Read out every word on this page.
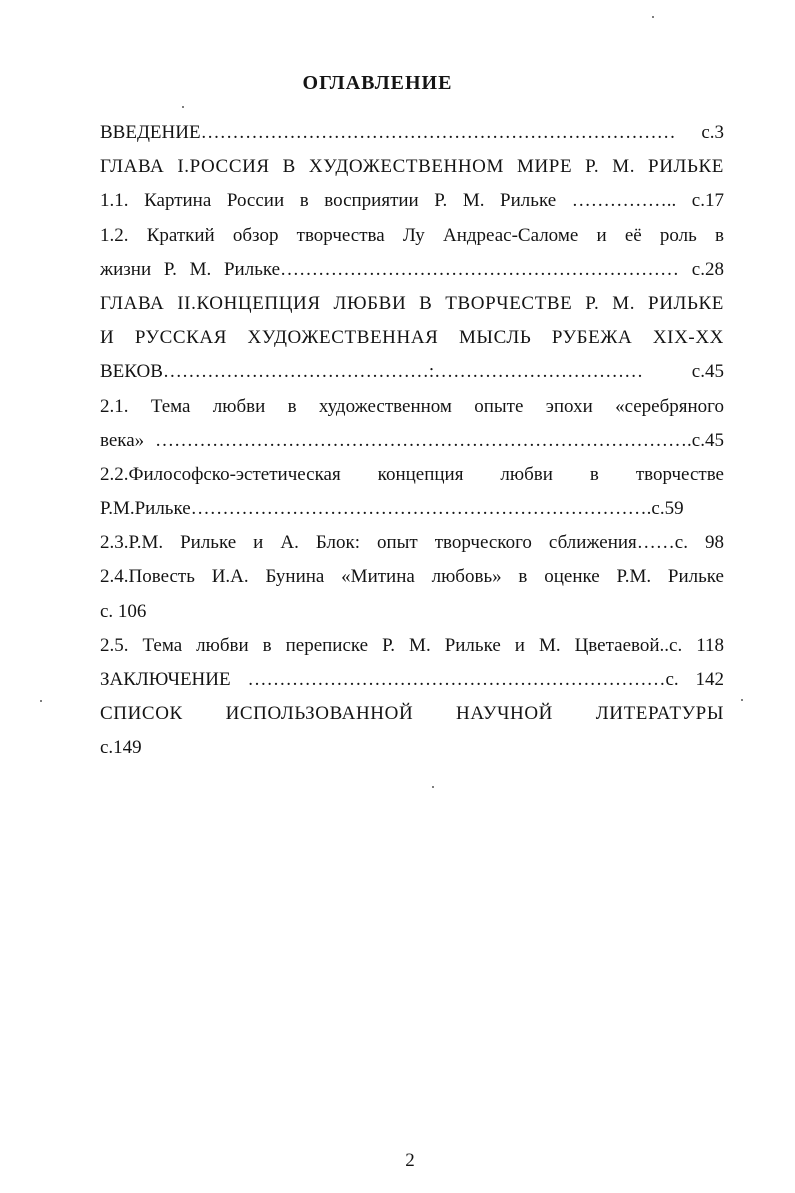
ОГЛАВЛЕНИЕ
ВВЕДЕНИЕ………………………………………………………………… с.3
ГЛАВА I.РОССИЯ В ХУДОЖЕСТВЕННОМ МИРЕ Р. М. РИЛЬКЕ
1.1. Картина России в восприятии Р. М. Рильке …………….. с.17
1.2. Краткий обзор творчества Лу Андреас-Саломе и её роль в
жизни Р. М. Рильке……………………………………………………… с.28
ГЛАВА II.КОНЦЕПЦИЯ ЛЮБВИ В ТВОРЧЕСТВЕ Р. М. РИЛЬКЕ
И РУССКАЯ ХУДОЖЕСТВЕННАЯ МЫСЛЬ РУБЕЖА XIX-XX
ВЕКОВ……………………………………:…………………………… с.45
2.1. Тема любви в художественном опыте эпохи «серебряного
века» ………………………………………………………………………….с.45
2.2.Философско-эстетическая концепция любви в творчестве
Р.М.Рильке……………………………………………………………….с.59
2.3.Р.М. Рильке и А. Блок: опыт творческого сближения……с. 98
2.4.Повесть И.А. Бунина «Митина любовь» в оценке Р.М. Рильке
с. 106
2.5. Тема любви в переписке Р. М. Рильке и М. Цветаевой..с. 118
ЗАКЛЮЧЕНИЕ …………………………………………………………с. 142
СПИСОК ИСПОЛЬЗОВАННОЙ НАУЧНОЙ ЛИТЕРАТУРЫ
с.149
2
